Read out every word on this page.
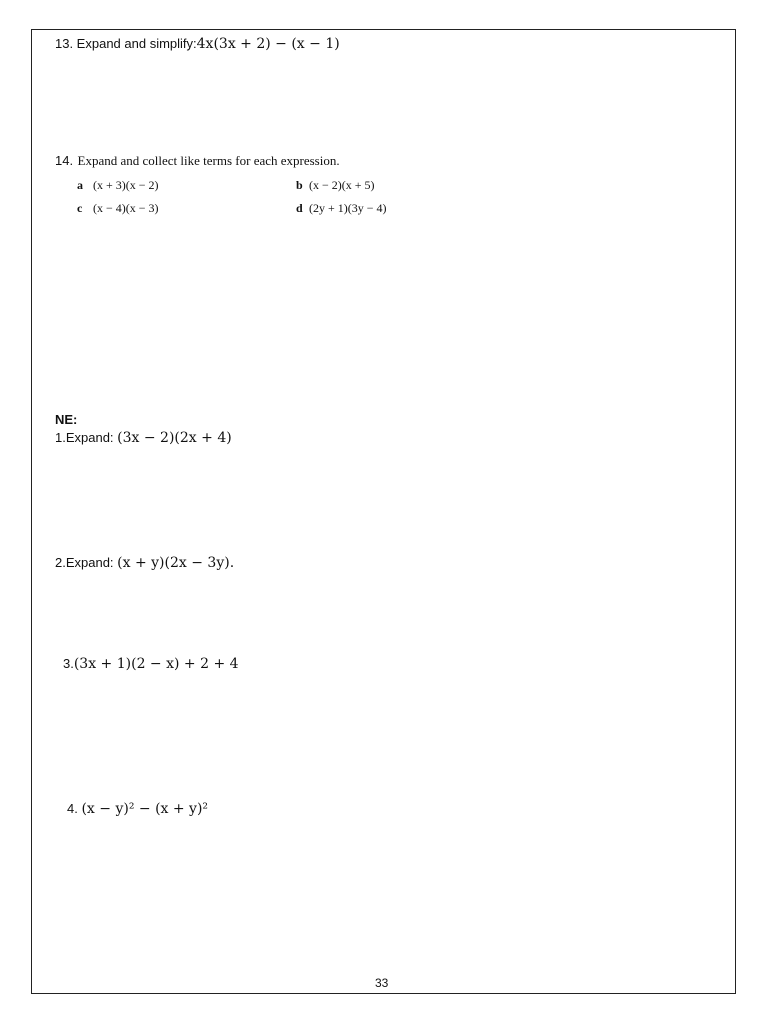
13. Expand and simplify:4x(3x + 2) − (x − 1)
14. Expand and collect like terms for each expression.
a (x + 3)(x − 2)	b (x − 2)(x + 5)
c (x − 4)(x − 3)	d (2y + 1)(3y − 4)
NE:
1.Expand: (3x − 2)(2x + 4)
2.Expand: (x + y)(2x − 3y).
3.(3x + 1)(2 − x) + 2 + 4
4. (x − y)² − (x + y)²
33
